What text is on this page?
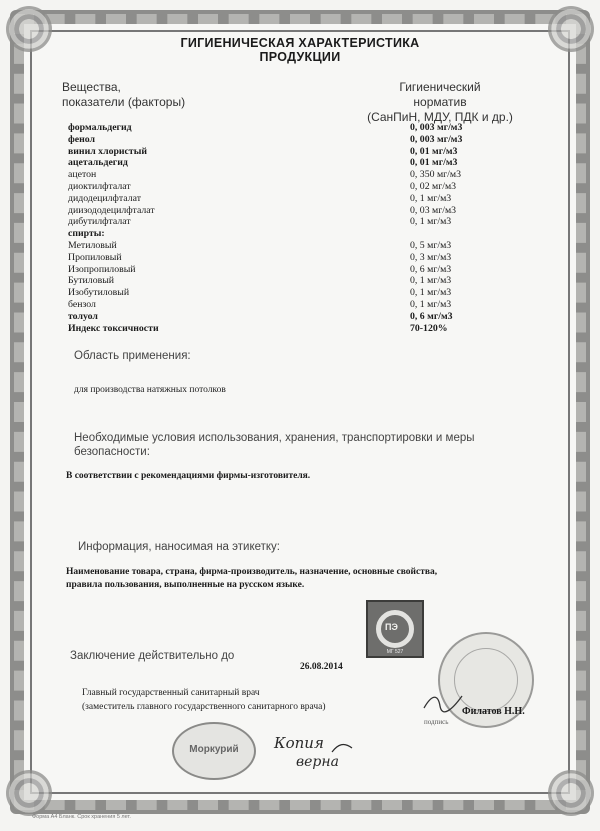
ГИГИЕНИЧЕСКАЯ ХАРАКТЕРИСТИКА ПРОДУКЦИИ
Вещества,
показатели (факторы)
Гигиенический
норматив
(СанПиН, МДУ, ПДК и др.)
формальдегид	0, 003 мг/м3
фенол	0, 003 мг/м3
винил хлористый	0, 01 мг/м3
ацетальдегид	0, 01 мг/м3
ацетон	0, 350 мг/м3
диоктилфталат	0, 02 мг/м3
дидодецилфталат	0, 1 мг/м3
диизододецилфталат	0, 03 мг/м3
дибутилфталат	0, 1 мг/м3
спирты:
Метиловый	0, 5 мг/м3
Пропиловый	0, 3 мг/м3
Изопропиловый	0, 6 мг/м3
Бутиловый	0, 1 мг/м3
Изобутиловый	0, 1 мг/м3
бензол	0, 1 мг/м3
толуол	0, 6 мг/м3
Индекс токсичности	70-120%
Область применения:
для производства натяжных потолков
Необходимые условия использования, хранения, транспортировки и меры
безопасности:
В соответствии с рекомендациями фирмы-изготовителя.
Информация, наносимая на этикетку:
Наименование товара, страна, фирма-производитель, назначение, основные свойства,
правила пользования, выполненные на русском языке.
ПЭ
МГ 527
Заключение действительно до
26.08.2014
Главный государственный санитарный врач
(заместитель главного государственного санитарного врача)
подпись
Филатов Н.Н.
Моркурий	Копия
верна
Форма А4 Бланк. Срок хранения 5 лет.
